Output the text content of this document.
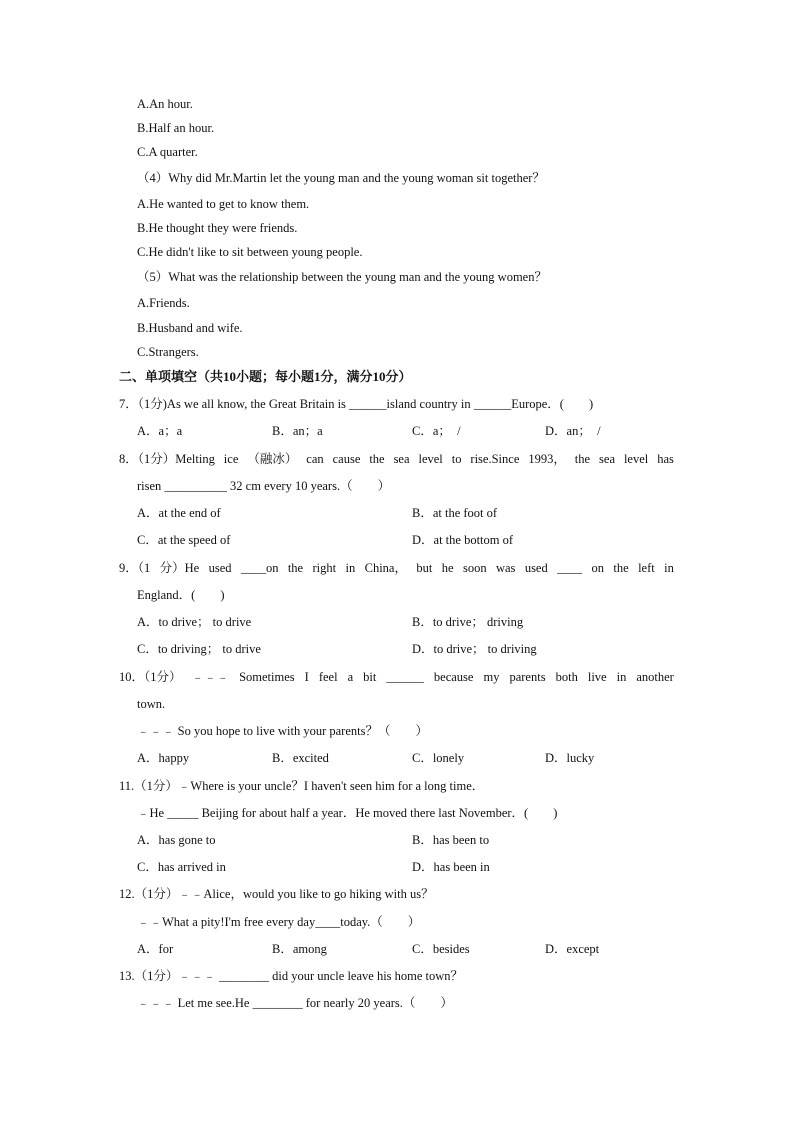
A.An hour.
B.Half an hour.
C.A quarter.
（4）Why did Mr.Martin let the young man and the young woman sit together？
A.He wanted to get to know them.
B.He thought they were friends.
C.He didn't like to sit between young people.
（5）What was the relationship between the young man and the young women？
A.Friends.
B.Husband and wife.
C.Strangers.
二、单项填空（共10小题；每小题1分，满分10分）
7．（1分)As we all know, the Great Britain is ______island country in ______Europe．(　　)
A．a；a	B．an；a	C．a；　/	D．an；　/
8．（1分）Melting ice （融冰） can cause the sea level to rise.Since 1993， the sea level has
risen __________ 32 cm every 10 years.（　　）
A．at the end of	B．at the foot of
C．at the speed of	D．at the bottom of
9．（1 分）He used ____on the right in China， but he soon was used ____ on the left in
England．(　　)
A．to drive； to drive	B．to drive； driving
C．to driving； to drive	D．to drive； to driving
10．（1分） ﹣﹣﹣ Sometimes I feel a bit ______ because my parents both live in another
town.
﹣﹣﹣ So you hope to live with your parents？（　　）
A．happy	B．excited	C．lonely	D．lucky
11.（1分）﹣Where is your uncle？I haven't seen him for a long time．
﹣He _____ Beijing for about half a year．He moved there last November．(　　)
A．has gone to	B．has been to
C．has arrived in	D．has been in
12.（1分）﹣﹣Alice，would you like to go hiking with us？
﹣﹣What a pity!I'm free every day____today.（　　）
A．for	B．among	C．besides	D．except
13.（1分）﹣﹣﹣ ________ did your uncle leave his home town？
﹣﹣﹣ Let me see.He ________ for nearly 20 years.（　　）
